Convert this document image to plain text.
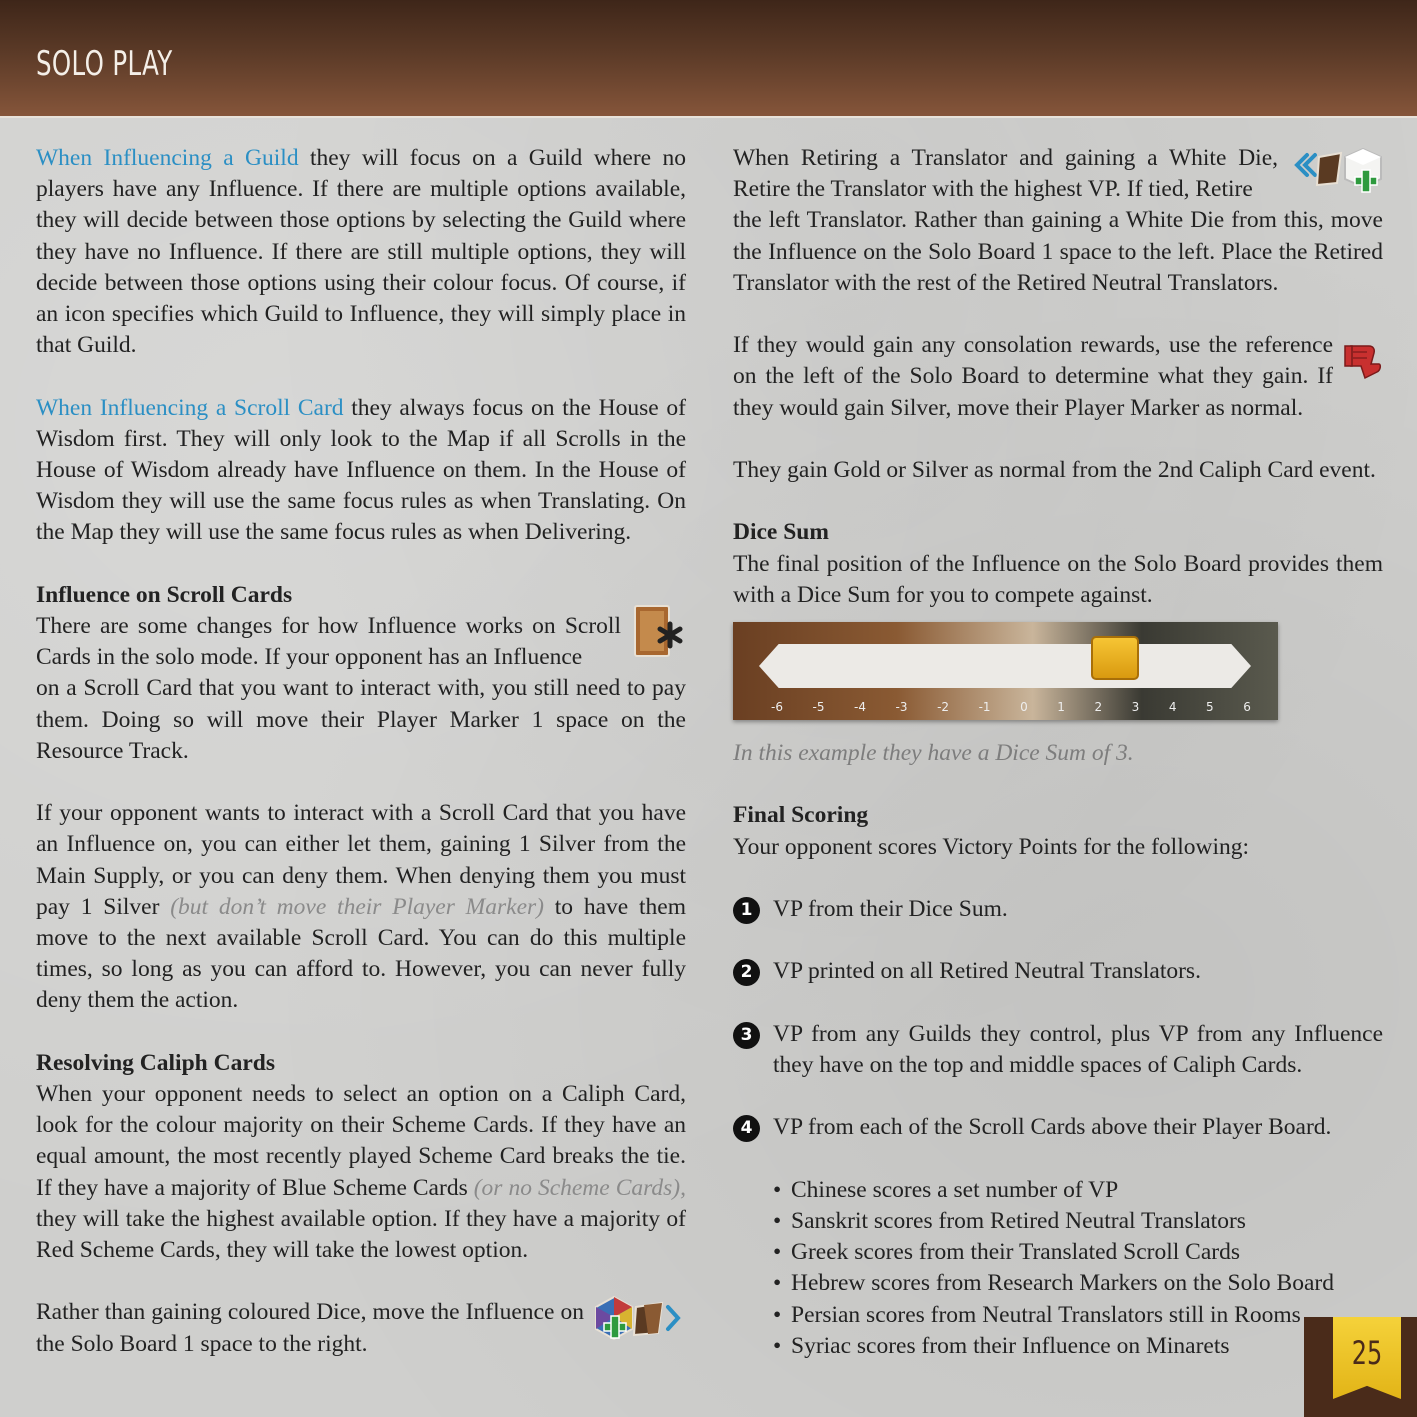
SOLO PLAY

When Influencing a Guild they will focus on a Guild where no players have any Influence. If there are multiple options available, they will decide between those options by selecting the Guild where they have no Influence. If there are still multiple options, they will decide between those options using their colour focus. Of course, if an icon specifies which Guild to Influence, they will simply place in that Guild.

When Influencing a Scroll Card they always focus on the House of Wisdom first. They will only look to the Map if all Scrolls in the House of Wisdom already have Influence on them. In the House of Wisdom they will use the same focus rules as when Translating. On the Map they will use the same focus rules as when Delivering.

Influence on Scroll Cards

There are some changes for how Influence works on Scroll Cards in the solo mode. If your opponent has an Influence

on a Scroll Card that you want to interact with, you still need to pay them. Doing so will move their Player Marker 1 space on the Resource Track.

If your opponent wants to interact with a Scroll Card that you have an Influence on, you can either let them, gaining 1 Silver from the Main Supply, or you can deny them. When denying them you must pay 1 Silver (but don’t move their Player Marker) to have them move to the next available Scroll Card. You can do this multiple times, so long as you can afford to. However, you can never fully deny them the action.

Resolving Caliph Cards

When your opponent needs to select an option on a Caliph Card, look for the colour majority on their Scheme Cards. If they have an equal amount, the most recently played Scheme Card breaks the tie. If they have a majority of Blue Scheme Cards (or no Scheme Cards), they will take the highest available option. If they have a majority of Red Scheme Cards, they will take the lowest option.

Rather than gaining coloured Dice, move the Influence on the Solo Board 1 space to the right.

When Retiring a Translator and gaining a White Die, Retire the Translator with the highest VP. If tied, Retire

the left Translator. Rather than gaining a White Die from this, move the Influence on the Solo Board 1 space to the left. Place the Retired Translator with the rest of the Retired Neutral Translators.

If they would gain any consolation rewards, use the reference on the left of the Solo Board to determine what they gain. If they would gain Silver, move their Player Marker as normal.

They gain Gold or Silver as normal from the 2nd Caliph Card event.

Dice Sum

The final position of the Influence on the Solo Board provides them with a Dice Sum for you to compete against.

-6 -5 -4 -3 -2 -1 0 1 2 3 4 5 6

In this example they have a Dice Sum of 3.

Final Scoring

Your opponent scores Victory Points for the following:

1 VP from their Dice Sum.

2 VP printed on all Retired Neutral Translators.

3 VP from any Guilds they control, plus VP from any Influence they have on the top and middle spaces of Caliph Cards.

4 VP from each of the Scroll Cards above their Player Board.

• Chinese scores a set number of VP
• Sanskrit scores from Retired Neutral Translators
• Greek scores from their Translated Scroll Cards
• Hebrew scores from Research Markers on the Solo Board
• Persian scores from Neutral Translators still in Rooms
• Syriac scores from their Influence on Minarets	25
